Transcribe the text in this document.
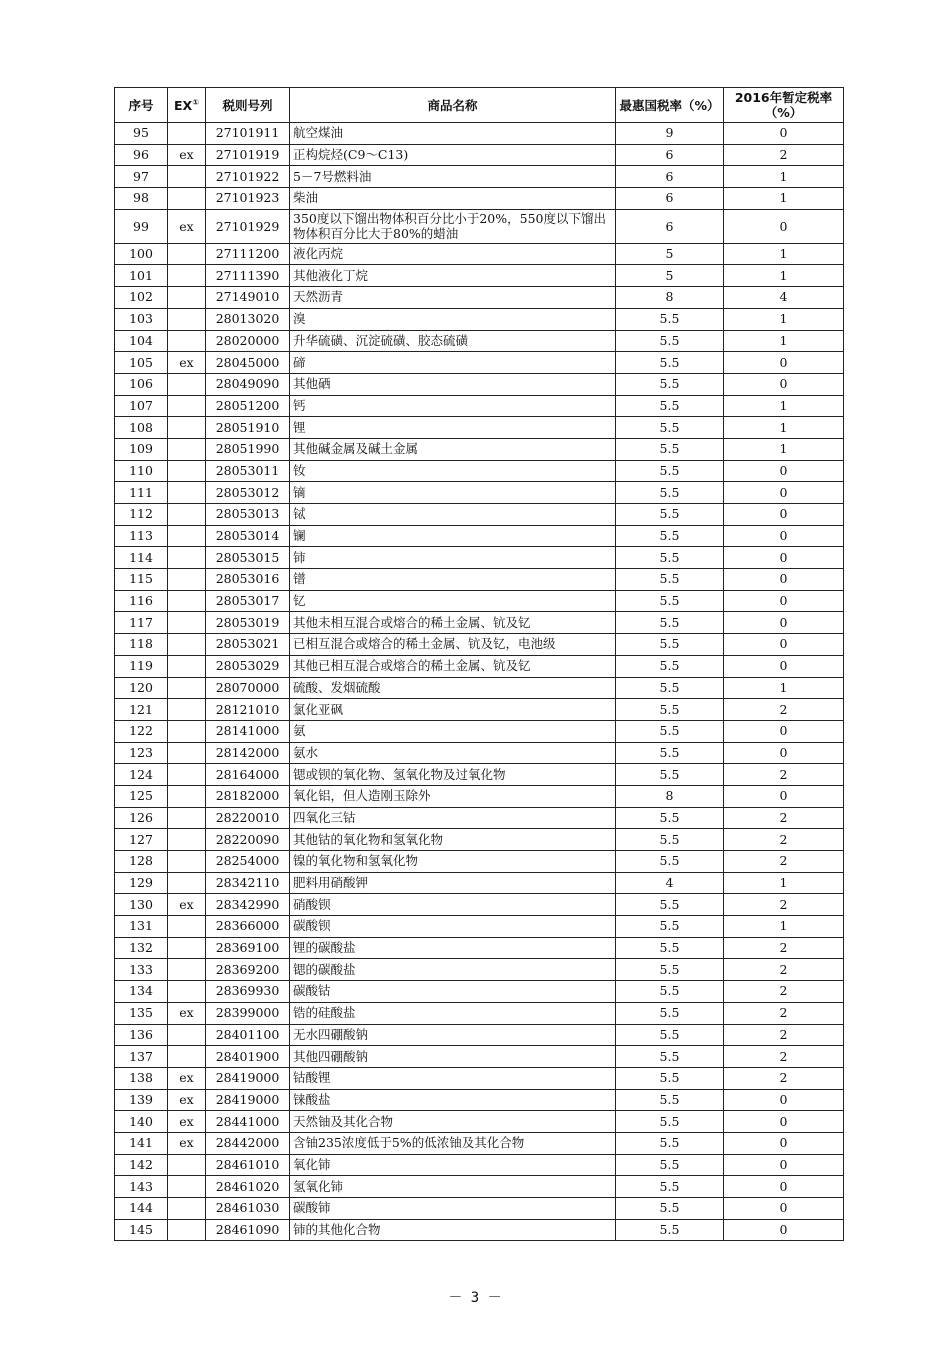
序号	EX①	税则号列	商品名称	最惠国税率（%）	2016年暂定税率（%）
95		27101911	航空煤油	9	0
96	ex	27101919	正构烷烃(C9～C13)	6	2
97		27101922	5－7号燃料油	6	1
98		27101923	柴油	6	1
99	ex	27101929	350度以下馏出物体积百分比小于20%，550度以下馏出物体积百分比大于80%的蜡油	6	0
100		27111200	液化丙烷	5	1
101		27111390	其他液化丁烷	5	1
102		27149010	天然沥青	8	4
103		28013020	溴	5.5	1
104		28020000	升华硫磺、沉淀硫磺、胶态硫磺	5.5	1
105	ex	28045000	碲	5.5	0
106		28049090	其他硒	5.5	0
107		28051200	钙	5.5	1
108		28051910	锂	5.5	1
109		28051990	其他碱金属及碱土金属	5.5	1
110		28053011	钕	5.5	0
111		28053012	镝	5.5	0
112		28053013	铽	5.5	0
113		28053014	镧	5.5	0
114		28053015	铈	5.5	0
115		28053016	镨	5.5	0
116		28053017	钇	5.5	0
117		28053019	其他未相互混合或熔合的稀土金属、钪及钇	5.5	0
118		28053021	已相互混合或熔合的稀土金属、钪及钇，电池级	5.5	0
119		28053029	其他已相互混合或熔合的稀土金属、钪及钇	5.5	0
120		28070000	硫酸、发烟硫酸	5.5	1
121		28121010	氯化亚砜	5.5	2
122		28141000	氨	5.5	0
123		28142000	氨水	5.5	0
124		28164000	锶或钡的氧化物、氢氧化物及过氧化物	5.5	2
125		28182000	氧化铝，但人造刚玉除外	8	0
126		28220010	四氧化三钴	5.5	2
127		28220090	其他钴的氧化物和氢氧化物	5.5	2
128		28254000	镍的氧化物和氢氧化物	5.5	2
129		28342110	肥料用硝酸钾	4	1
130	ex	28342990	硝酸钡	5.5	2
131		28366000	碳酸钡	5.5	1
132		28369100	锂的碳酸盐	5.5	2
133		28369200	锶的碳酸盐	5.5	2
134		28369930	碳酸钴	5.5	2
135	ex	28399000	锆的硅酸盐	5.5	2
136		28401100	无水四硼酸钠	5.5	2
137		28401900	其他四硼酸钠	5.5	2
138	ex	28419000	钴酸锂	5.5	2
139	ex	28419000	铼酸盐	5.5	0
140	ex	28441000	天然铀及其化合物	5.5	0
141	ex	28442000	含铀235浓度低于5%的低浓铀及其化合物	5.5	0
142		28461010	氧化铈	5.5	0
143		28461020	氢氧化铈	5.5	0
144		28461030	碳酸铈	5.5	0
145		28461090	铈的其他化合物	5.5	0
－ 3 －
